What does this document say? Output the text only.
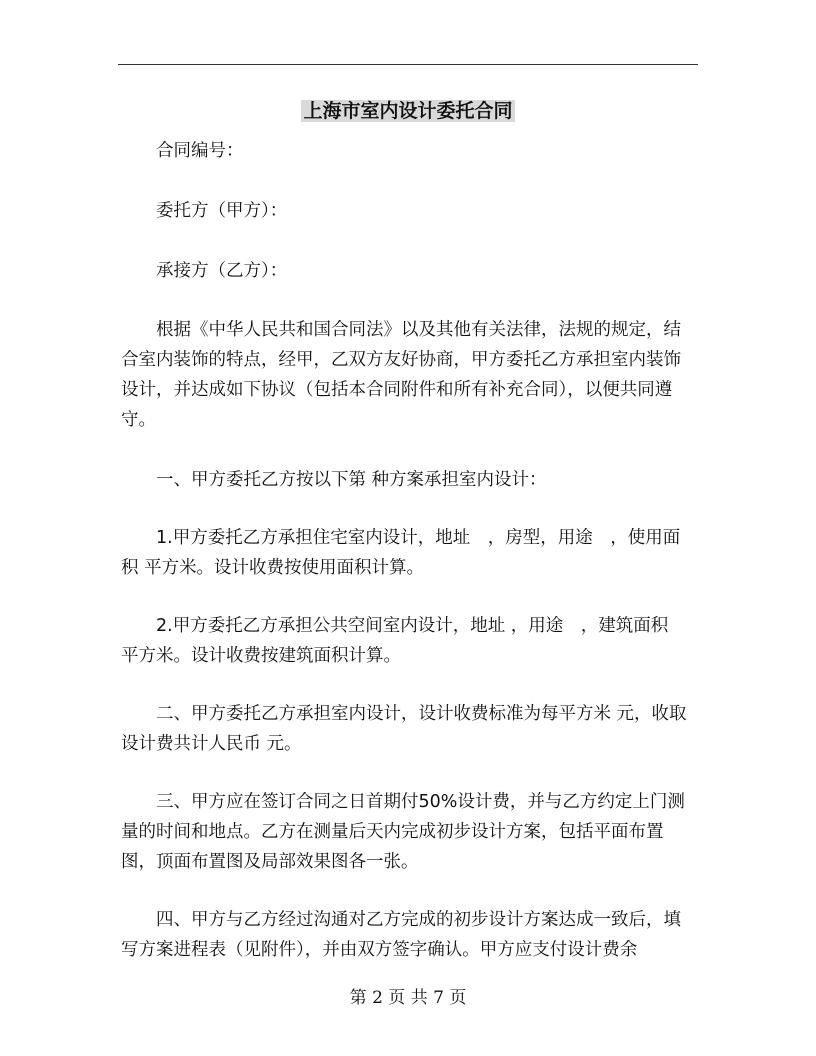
上海市室内设计委托合同

合同编号：

委托方（甲方）：

承接方（乙方）：

根据《中华人民共和国合同法》以及其他有关法律，法规的规定，结合室内装饰的特点，经甲，乙双方友好协商，甲方委托乙方承担室内装饰设计，并达成如下协议（包括本合同附件和所有补充合同），以便共同遵守。

一、甲方委托乙方按以下第 种方案承担室内设计：

1.甲方委托乙方承担住宅室内设计，地址　，房型，用途　，使用面积 平方米。设计收费按使用面积计算。

2.甲方委托乙方承担公共空间室内设计，地址 ，用途　，建筑面积　平方米。设计收费按建筑面积计算。

二、甲方委托乙方承担室内设计，设计收费标准为每平方米 元，收取设计费共计人民币 元。

三、甲方应在签订合同之日首期付50%设计费，并与乙方约定上门测量的时间和地点。乙方在测量后天内完成初步设计方案，包括平面布置图，顶面布置图及局部效果图各一张。

四、甲方与乙方经过沟通对乙方完成的初步设计方案达成一致后，填写方案进程表（见附件），并由双方签字确认。甲方应支付设计费余

第 2 页 共 7 页
